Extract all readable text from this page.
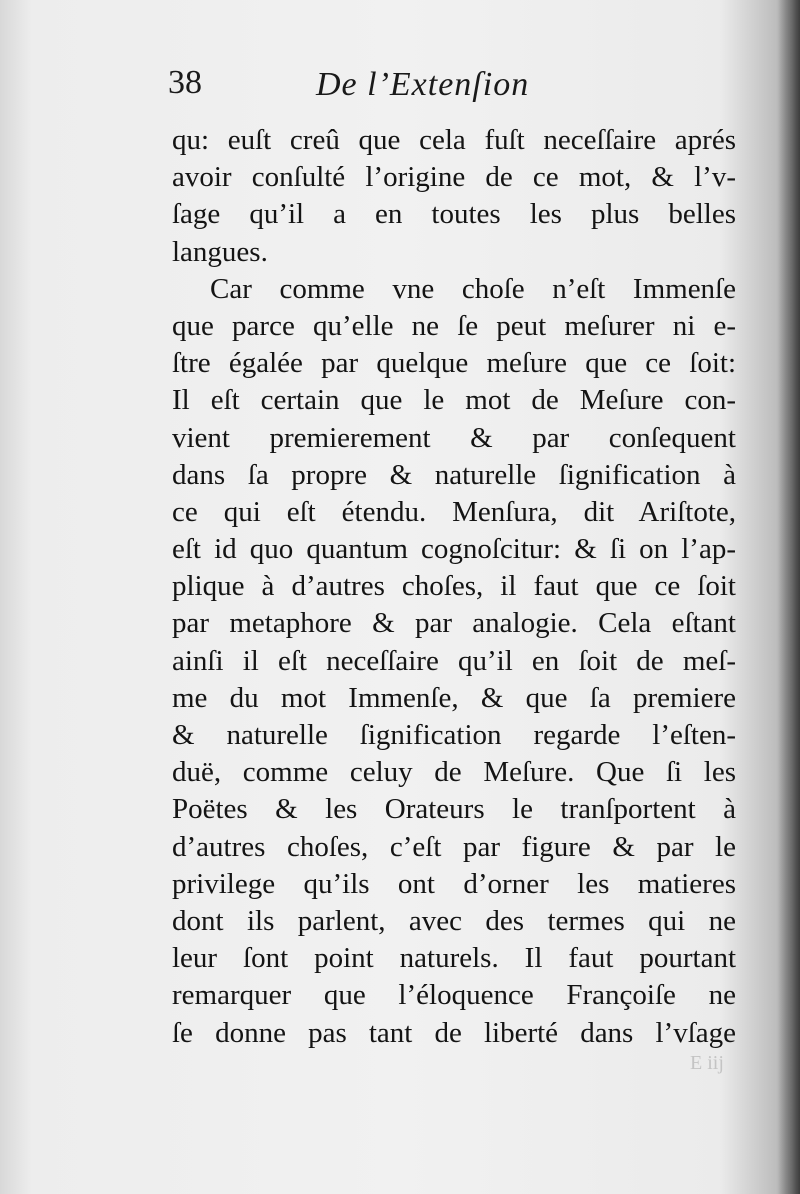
38	De l’Extenſion
qu: euſt creû que cela fuſt neceſſaire aprés
avoir conſulté l’origine de ce mot, & l’v-
ſage qu’il a en toutes les plus belles
langues.
Car comme vne choſe n’eſt Immenſe
que parce qu’elle ne ſe peut meſurer ni e-
ſtre égalée par quelque meſure que ce ſoit:
Il eſt certain que le mot de Meſure con-
vient premierement & par conſequent
dans ſa propre & naturelle ſignification à
ce qui eſt étendu. Menſura, dit Ariſtote,
eſt id quo quantum cognoſcitur: & ſi on l’ap-
plique à d’autres choſes, il faut que ce ſoit
par metaphore & par analogie. Cela eſtant
ainſi il eſt neceſſaire qu’il en ſoit de meſ-
me du mot Immenſe, & que ſa premiere
& naturelle ſignification regarde l’eſten-
duë, comme celuy de Meſure. Que ſi les
Poëtes & les Orateurs le tranſportent à
d’autres choſes, c’eſt par figure & par le
privilege qu’ils ont d’orner les matieres
dont ils parlent, avec des termes qui ne
leur ſont point naturels. Il faut pourtant
remarquer que l’éloquence Françoiſe ne
ſe donne pas tant de liberté dans l’vſage
E iij
